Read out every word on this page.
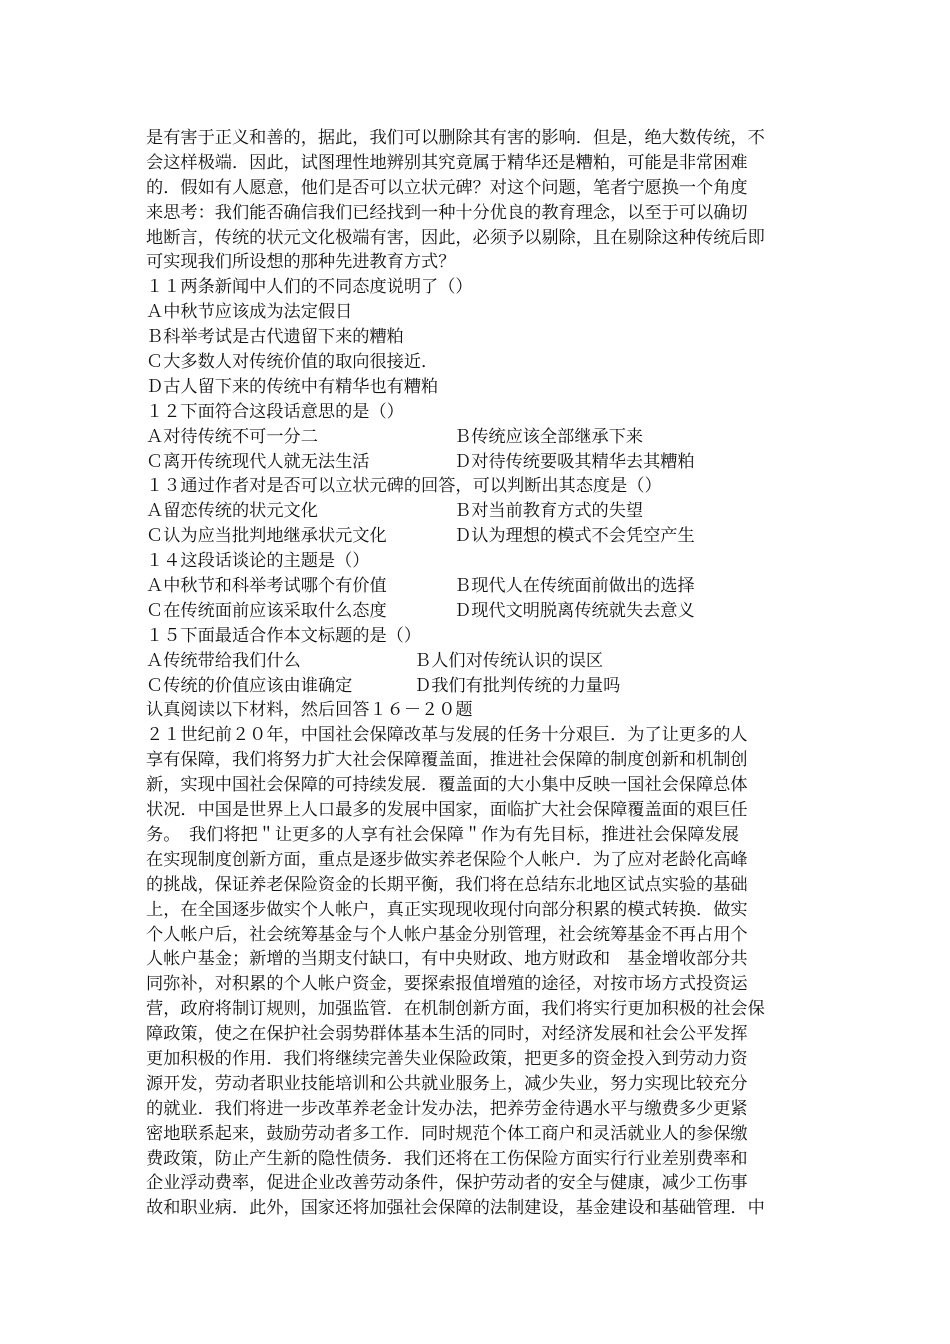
是有害于正义和善的，据此，我们可以删除其有害的影响．但是，绝大数传统，不
会这样极端．因此，试图理性地辨别其究竟属于精华还是糟粕，可能是非常困难
的．假如有人愿意，他们是否可以立状元碑？对这个问题，笔者宁愿换一个角度
来思考：我们能否确信我们已经找到一种十分优良的教育理念，以至于可以确切
地断言，传统的状元文化极端有害，因此，必须予以剔除，且在剔除这种传统后即
可实现我们所设想的那种先进教育方式？
１１两条新闻中人们的不同态度说明了（）
Ａ中秋节应该成为法定假日
Ｂ科举考试是古代遗留下来的糟粕
Ｃ大多数人对传统价值的取向很接近．
Ｄ古人留下来的传统中有精华也有糟粕
１２下面符合这段话意思的是（）
Ａ对待传统不可一分二	Ｂ传统应该全部继承下来
Ｃ离开传统现代人就无法生活	Ｄ对待传统要吸其精华去其糟粕
１３通过作者对是否可以立状元碑的回答，可以判断出其态度是（）
Ａ留恋传统的状元文化	Ｂ对当前教育方式的失望
Ｃ认为应当批判地继承状元文化	Ｄ认为理想的模式不会凭空产生
１４这段话谈论的主题是（）
Ａ中秋节和科举考试哪个有价值	Ｂ现代人在传统面前做出的选择
Ｃ在传统面前应该采取什么态度	Ｄ现代文明脱离传统就失去意义
１５下面最适合作本文标题的是（）
Ａ传统带给我们什么	Ｂ人们对传统认识的误区
Ｃ传统的价值应该由谁确定	Ｄ我们有批判传统的力量吗
认真阅读以下材料，然后回答１６－２０题
２１世纪前２０年，中国社会保障改革与发展的任务十分艰巨．为了让更多的人
享有保障，我们将努力扩大社会保障覆盖面，推进社会保障的制度创新和机制创
新，实现中国社会保障的可持续发展．覆盖面的大小集中反映一国社会保障总体
状况．中国是世界上人口最多的发展中国家，面临扩大社会保障覆盖面的艰巨任
务。　我们将把＂让更多的人享有社会保障＂作为有先目标，推进社会保障发展
在实现制度创新方面，重点是逐步做实养老保险个人帐户．为了应对老龄化高峰
的挑战，保证养老保险资金的长期平衡，我们将在总结东北地区试点实验的基础
上，在全国逐步做实个人帐户，真正实现现收现付向部分积累的模式转换．做实
个人帐户后，社会统筹基金与个人帐户基金分别管理，社会统筹基金不再占用个
人帐户基金；新增的当期支付缺口，有中央财政、地方财政和　基金增收部分共
同弥补，对积累的个人帐户资金，要探索报值增殖的途径，对按市场方式投资运
营，政府将制订规则，加强监管．在机制创新方面，我们将实行更加积极的社会保
障政策，使之在保护社会弱势群体基本生活的同时，对经济发展和社会公平发挥
更加积极的作用．我们将继续完善失业保险政策，把更多的资金投入到劳动力资
源开发，劳动者职业技能培训和公共就业服务上，减少失业，努力实现比较充分
的就业．我们将进一步改革养老金计发办法，把养劳金待遇水平与缴费多少更紧
密地联系起来，鼓励劳动者多工作．同时规范个体工商户和灵活就业人的参保缴
费政策，防止产生新的隐性债务．我们还将在工伤保险方面实行行业差别费率和
企业浮动费率，促进企业改善劳动条件，保护劳动者的安全与健康，减少工伤事
故和职业病．此外，国家还将加强社会保障的法制建设，基金建设和基础管理．中
